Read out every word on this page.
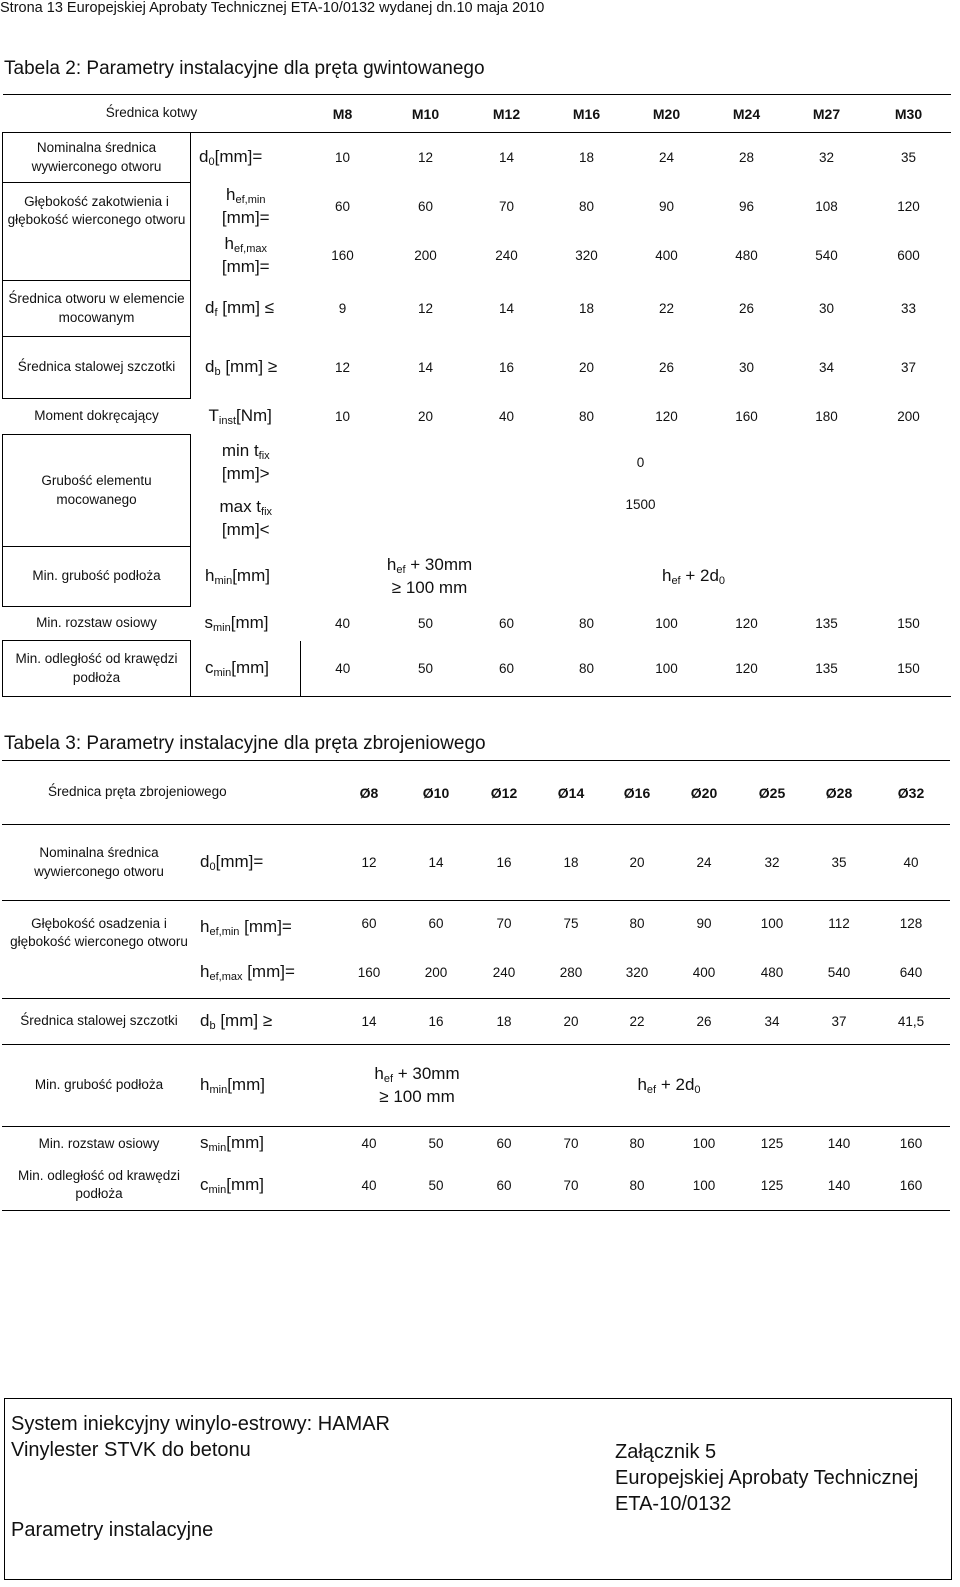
Strona 13 Europejskiej Aprobaty Technicznej ETA-10/0132 wydanej dn.10 maja 2010
Tabela 2: Parametry instalacyjne dla pręta gwintowanego
Średnica kotwy		M8	M10	M12	M16	M20	M24	M27	M30
Nominalna średnica wywierconego otworu	$d_0[mm]=$	10	12	14	18	24	28	32	35
Głębokość zakotwienia i głębokość wierconego otworu	$h_{ef,min}$
[mm]=	60	60	70	80	90	96	108	120
	$h_{ef,max}$
[mm]=	160	200	240	320	400	480	540	600
Średnica otworu w elemencie mocowanym	$d_f$ [mm] ≤	9	12	14	18	22	26	30	33
Średnica stalowej szczotki	$d_b$ [mm] ≥	12	14	16	20	26	30	34	37
Moment dokręcający	$T_{inst}[Nm]$	10	20	40	80	120	160	180	200
Grubość elementu mocowanego	$\min t_{fix}$
[mm]>	0							
	$\max t_{fix}$
[mm]<	1500							
Min. grubość podłoża	$h_{min}[mm]$	$h_{ef} + 30mm$
≥ 100 mm			$h_{ef} + 2d_0$
Min. rozstaw osiowy	$s_{min}[mm]$	40	50	60	80	100	120	135	150
Min. odległość od krawędzi podłoża	$c_{min}[mm]$	40	50	60	80	100	120	135	150
Tabela 3: Parametry instalacyjne dla pręta zbrojeniowego
Średnica pręta zbrojeniowego		Ø8	Ø10	Ø12	Ø14	Ø16	Ø20	Ø25	Ø28	Ø32
Nominalna średnica wywierconego otworu	$d_0[mm]=$	12	14	16	18	20	24	32	35	40
Głębokość osadzenia i głębokość wierconego otworu	$h_{ef,min}$ [mm]=	60	60	70	75	80	90	100	112	128
	$h_{ef,max}$ [mm]=	160	200	240	280	320	400	480	540	640
Średnica stalowej szczotki	$d_b$ [mm] ≥	14	16	18	20	22	26	34	37	41,5
Min. grubość podłoża	$h_{min}[mm]$	$h_{ef} + 30mm$
≥ 100 mm			$h_{ef} + 2d_0$
Min. rozstaw osiowy	$s_{min}[mm]$	40	50	60	70	80	100	125	140	160
Min. odległość od krawędzi podłoża	$c_{min}[mm]$	40	50	60	70	80	100	125	140	160
System iniekcyjny winylo-estrowy: HAMAR
Vinylester STVK do betonu
Parametry instalacyjne
Załącznik 5
Europejskiej Aprobaty Technicznej
ETA-10/0132
